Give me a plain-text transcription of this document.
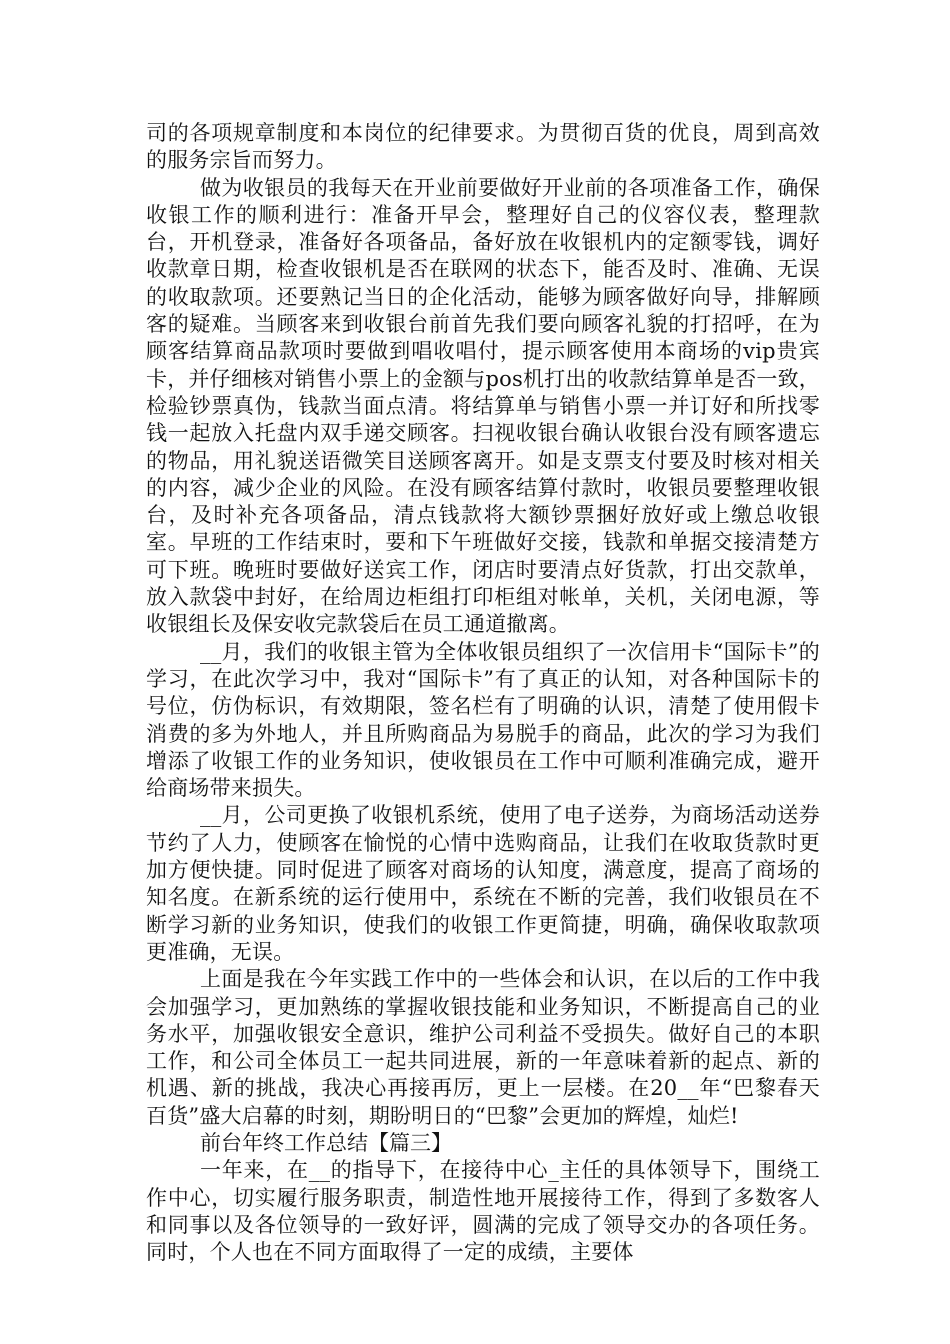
司的各项规章制度和本岗位的纪律要求。为贯彻百货的优良，周到高效的服务宗旨而努力。

做为收银员的我每天在开业前要做好开业前的各项准备工作，确保收银工作的顺利进行：准备开早会，整理好自己的仪容仪表，整理款台，开机登录，准备好各项备品，备好放在收银机内的定额零钱，调好收款章日期，检查收银机是否在联网的状态下，能否及时、准确、无误的收取款项。还要熟记当日的企化活动，能够为顾客做好向导，排解顾客的疑难。当顾客来到收银台前首先我们要向顾客礼貌的打招呼，在为顾客结算商品款项时要做到唱收唱付，提示顾客使用本商场的vip贵宾卡，并仔细核对销售小票上的金额与pos机打出的收款结算单是否一致，检验钞票真伪，钱款当面点清。将结算单与销售小票一并订好和所找零钱一起放入托盘内双手递交顾客。扫视收银台确认收银台没有顾客遗忘的物品，用礼貌送语微笑目送顾客离开。如是支票支付要及时核对相关的内容，减少企业的风险。在没有顾客结算付款时，收银员要整理收银台，及时补充各项备品，清点钱款将大额钞票捆好放好或上缴总收银室。早班的工作结束时，要和下午班做好交接，钱款和单据交接清楚方可下班。晚班时要做好送宾工作，闭店时要清点好货款，打出交款单，放入款袋中封好，在给周边柜组打印柜组对帐单，关机，关闭电源，等收银组长及保安收完款袋后在员工通道撤离。

__月，我们的收银主管为全体收银员组织了一次信用卡“国际卡”的学习，在此次学习中，我对“国际卡”有了真正的认知，对各种国际卡的号位，仿伪标识，有效期限，签名栏有了明确的认识，清楚了使用假卡消费的多为外地人，并且所购商品为易脱手的商品，此次的学习为我们增添了收银工作的业务知识，使收银员在工作中可顺利准确完成，避开给商场带来损失。

__月，公司更换了收银机系统，使用了电子送券，为商场活动送券节约了人力，使顾客在愉悦的心情中选购商品，让我们在收取货款时更加方便快捷。同时促进了顾客对商场的认知度，满意度，提高了商场的知名度。在新系统的运行使用中，系统在不断的完善，我们收银员在不断学习新的业务知识，使我们的收银工作更简捷，明确，确保收取款项更准确，无误。

上面是我在今年实践工作中的一些体会和认识，在以后的工作中我会加强学习，更加熟练的掌握收银技能和业务知识，不断提高自己的业务水平，加强收银安全意识，维护公司利益不受损失。做好自己的本职工作，和公司全体员工一起共同进展，新的一年意味着新的起点、新的机遇、新的挑战，我决心再接再厉，更上一层楼。在20__年“巴黎春天百货”盛大启幕的时刻，期盼明日的“巴黎”会更加的辉煌，灿烂!

前台年终工作总结【篇三】

一年来，在__的指导下，在接待中心_主任的具体领导下，围绕工作中心，切实履行服务职责，制造性地开展接待工作，得到了多数客人和同事以及各位领导的一致好评，圆满的完成了领导交办的各项任务。同时，个人也在不同方面取得了一定的成绩，主要体
